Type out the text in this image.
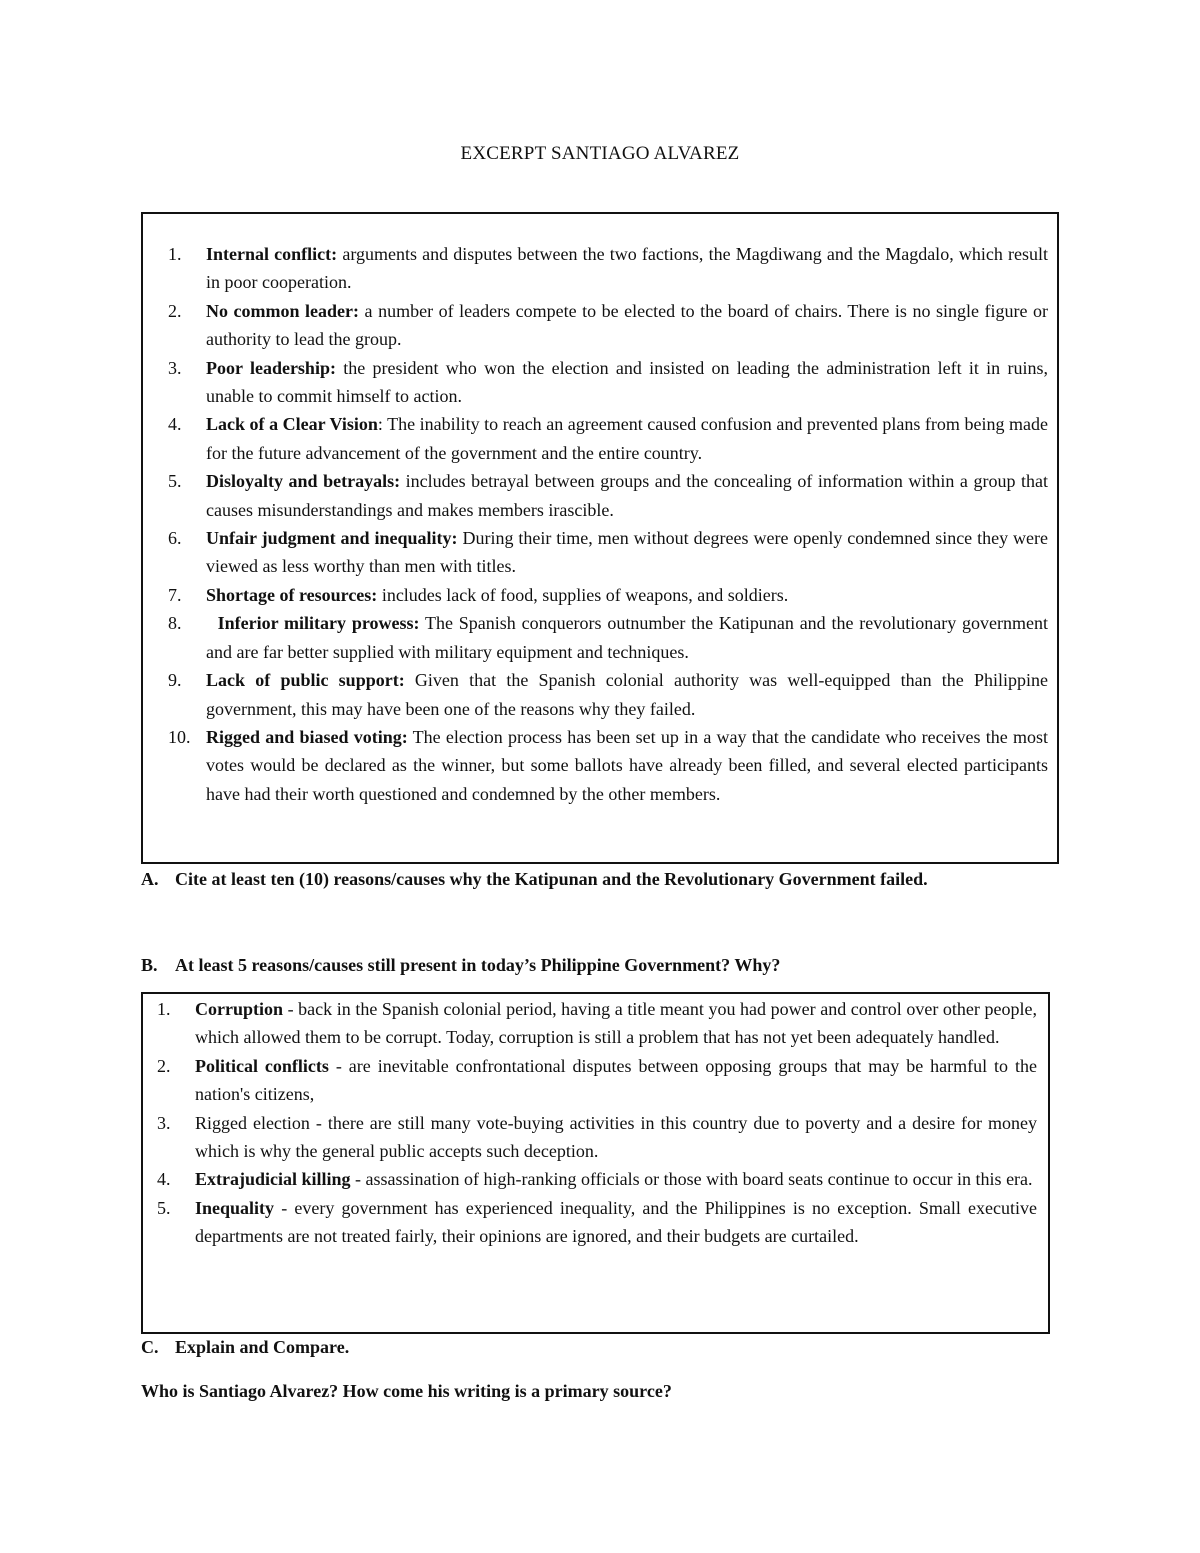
EXCERPT SANTIAGO ALVAREZ
1.	Internal conflict: arguments and disputes between the two factions, the Magdiwang and the Magdalo, which result in poor cooperation.
2.	No common leader: a number of leaders compete to be elected to the board of chairs. There is no single figure or authority to lead the group.
3.	Poor leadership: the president who won the election and insisted on leading the administration left it in ruins, unable to commit himself to action.
4.	Lack of a Clear Vision: The inability to reach an agreement caused confusion and prevented plans from being made for the future advancement of the government and the entire country.
5.	Disloyalty and betrayals: includes betrayal between groups and the concealing of information within a group that causes misunderstandings and makes members irascible.
6.	Unfair judgment and inequality: During their time, men without degrees were openly condemned since they were viewed as less worthy than men with titles.
7.	Shortage of resources: includes lack of food, supplies of weapons, and soldiers.
8.	Inferior military prowess: The Spanish conquerors outnumber the Katipunan and the revolutionary government and are far better supplied with military equipment and techniques.
9.	Lack of public support: Given that the Spanish colonial authority was well-equipped than the Philippine government, this may have been one of the reasons why they failed.
10. Rigged and biased voting: The election process has been set up in a way that the candidate who receives the most votes would be declared as the winner, but some ballots have already been filled, and several elected participants have had their worth questioned and condemned by the other members.
A. Cite at least ten (10) reasons/causes why the Katipunan and the Revolutionary Government failed.
B. At least 5 reasons/causes still present in today’s Philippine Government? Why?
1.	Corruption - back in the Spanish colonial period, having a title meant you had power and control over other people, which allowed them to be corrupt. Today, corruption is still a problem that has not yet been adequately handled.
2.	Political conflicts - are inevitable confrontational disputes between opposing groups that may be harmful to the nation's citizens,
3.	Rigged election - there are still many vote-buying activities in this country due to poverty and a desire for money which is why the general public accepts such deception.
4.	Extrajudicial killing - assassination of high-ranking officials or those with board seats continue to occur in this era.
5.	Inequality - every government has experienced inequality, and the Philippines is no exception. Small executive departments are not treated fairly, their opinions are ignored, and their budgets are curtailed.
C. Explain and Compare.
Who is Santiago Alvarez? How come his writing is a primary source?
